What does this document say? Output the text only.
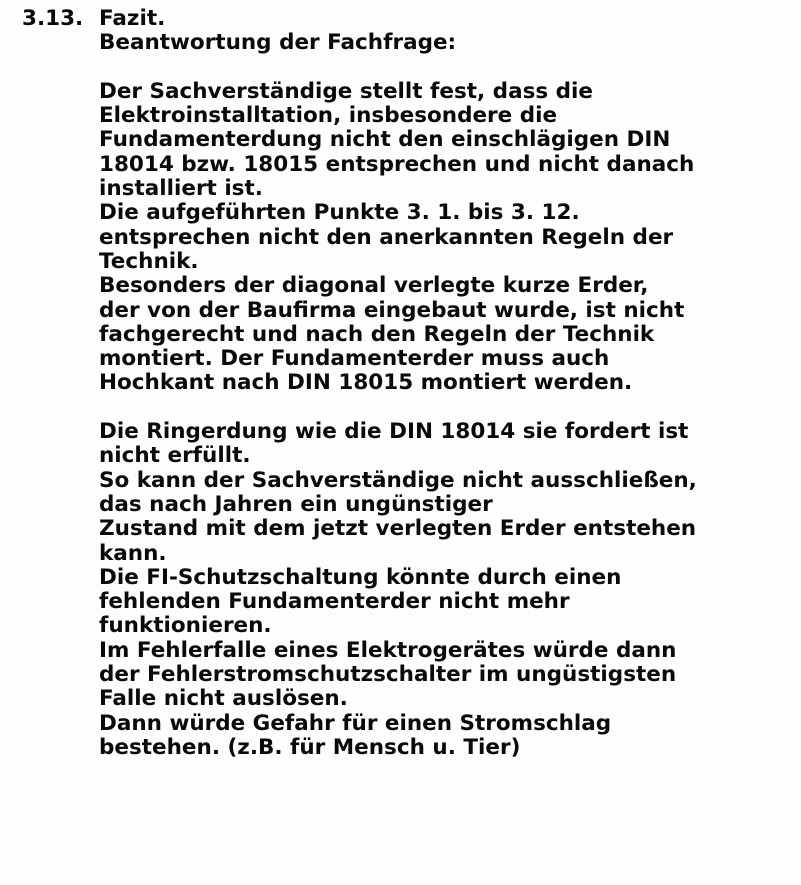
3.13. Fazit.
Beantwortung der Fachfrage:
Der Sachverständige stellt fest, dass die
Elektroinstalltation, insbesondere die
Fundamenterdung nicht den einschlägigen DIN
18014 bzw. 18015 entsprechen und nicht danach
installiert ist.
Die aufgeführten Punkte 3. 1. bis 3. 12.
entsprechen nicht den anerkannten Regeln der
Technik.
Besonders der diagonal verlegte kurze Erder,
der von der Baufirma eingebaut wurde, ist nicht
fachgerecht und nach den Regeln der Technik
montiert. Der Fundamenterder muss auch
Hochkant nach DIN 18015 montiert werden.
Die Ringerdung wie die DIN 18014 sie fordert ist
nicht erfüllt.
So kann der Sachverständige nicht ausschließen,
das nach Jahren ein ungünstiger
Zustand mit dem jetzt verlegten Erder entstehen
kann.
Die FI-Schutzschaltung könnte durch einen
fehlenden Fundamenterder nicht mehr
funktionieren.
Im Fehlerfalle eines Elektrogerätes würde dann
der Fehlerstromschutzschalter im ungüstigsten
Falle nicht auslösen.
Dann würde Gefahr für einen Stromschlag
bestehen. (z.B. für Mensch u. Tier)
